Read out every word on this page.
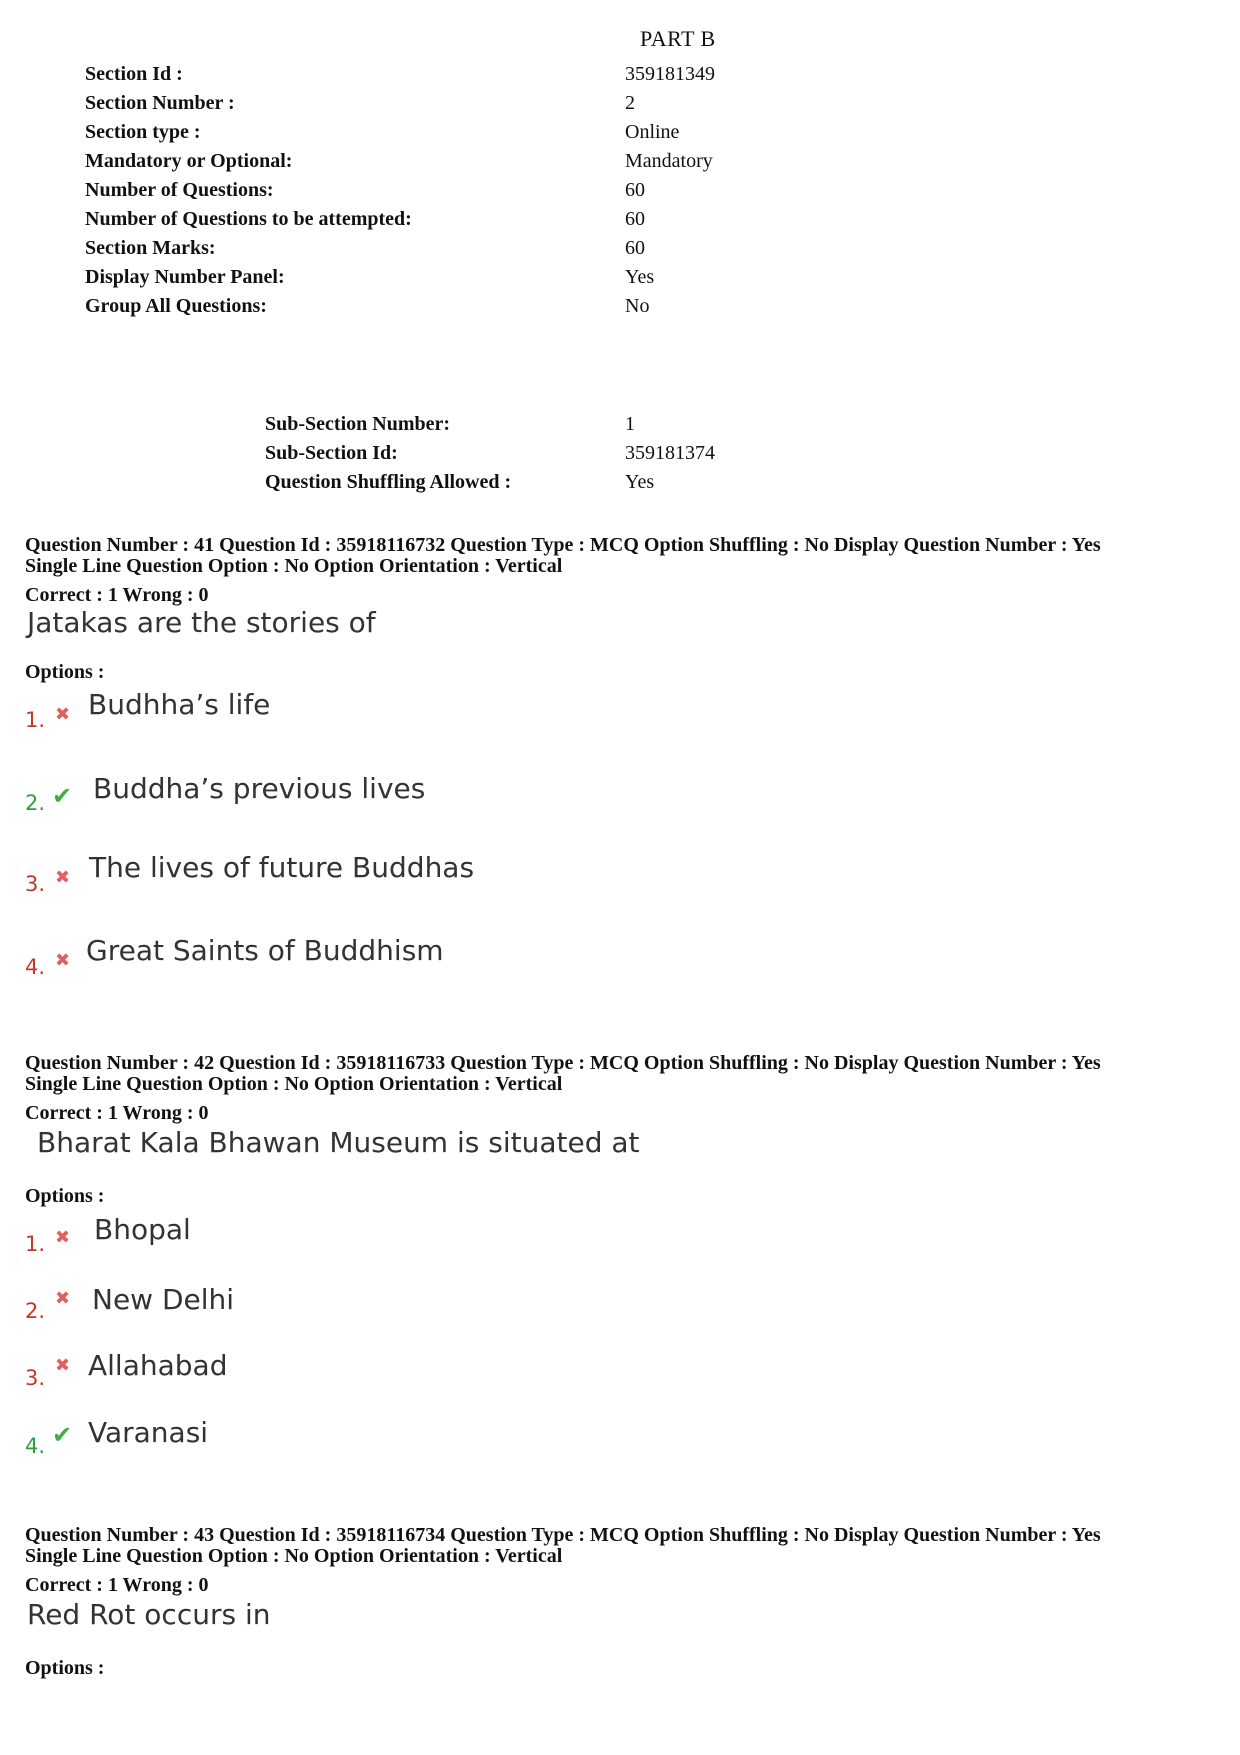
PART B
Section Id :	359181349
Section Number :	2
Section type :	Online
Mandatory or Optional:	Mandatory
Number of Questions:	60
Number of Questions to be attempted:	60
Section Marks:	60
Display Number Panel:	Yes
Group All Questions:	No
Sub-Section Number:	1
Sub-Section Id:	359181374
Question Shuffling Allowed :	Yes
Question Number : 41 Question Id : 35918116732 Question Type : MCQ Option Shuffling : No Display Question Number : Yes
Single Line Question Option : No Option Orientation : Vertical
Correct : 1 Wrong : 0
Jatakas are the stories of
Options :
1. ✖ Budhha’s life
2. ✔ Buddha’s previous lives
3. ✖ The lives of future Buddhas
4. ✖ Great Saints of Buddhism
Question Number : 42 Question Id : 35918116733 Question Type : MCQ Option Shuffling : No Display Question Number : Yes
Single Line Question Option : No Option Orientation : Vertical
Correct : 1 Wrong : 0
Bharat Kala Bhawan Museum is situated at
Options :
1. ✖ Bhopal
2.
✖ New Delhi
3.
✖ Allahabad
4. ✔ Varanasi
Question Number : 43 Question Id : 35918116734 Question Type : MCQ Option Shuffling : No Display Question Number : Yes
Single Line Question Option : No Option Orientation : Vertical
Correct : 1 Wrong : 0
Red Rot occurs in
Options :
